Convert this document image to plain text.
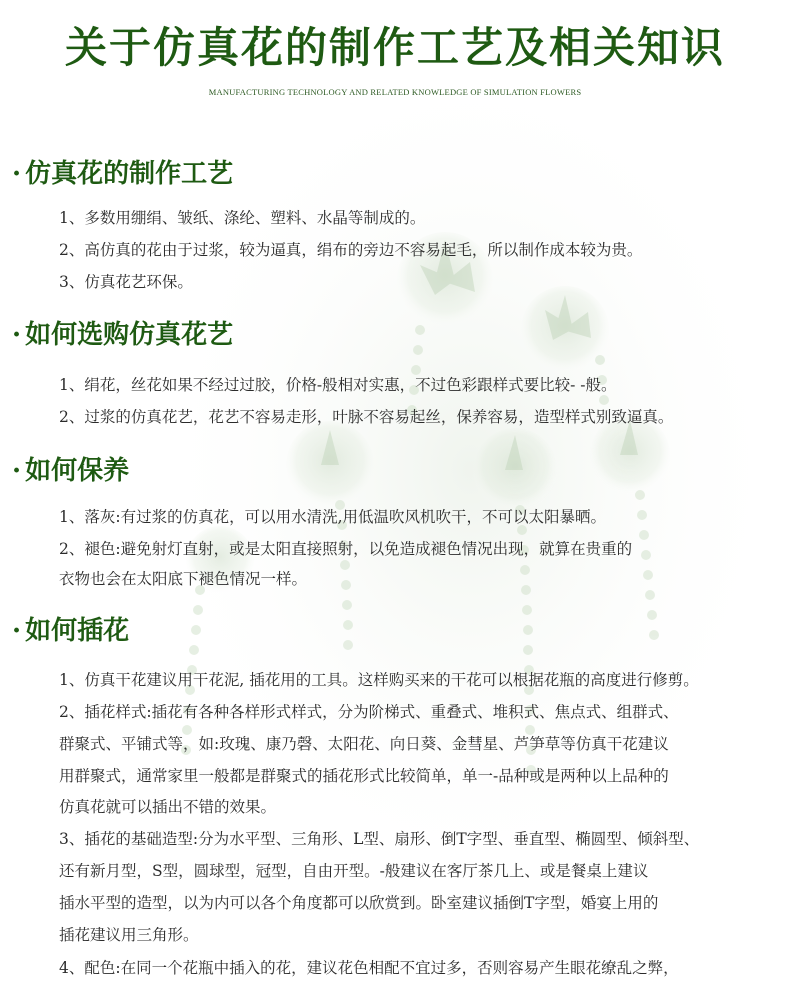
关于仿真花的制作工艺及相关知识
MANUFACTURING TECHNOLOGY AND RELATED KNOWLEDGE OF SIMULATION FLOWERS
· 仿真花的制作工艺
1、多数用绷绢、皱纸、涤纶、塑料、水晶等制成的。
2、高仿真的花由于过浆，较为逼真，绢布的旁边不容易起毛，所以制作成本较为贵。
3、仿真花艺环保。
· 如何选购仿真花艺
1、绢花，丝花如果不经过过胶，价格-般相对实惠，不过色彩跟样式要比较- -般。
2、过浆的仿真花艺，花艺不容易走形，叶脉不容易起丝，保养容易，造型样式别致逼真。
· 如何保养
1、落灰:有过浆的仿真花，可以用水清洗,用低温吹风机吹干，不可以太阳暴晒。
2、褪色:避免射灯直射，或是太阳直接照射，以免造成褪色情况出现，就算在贵重的
衣物也会在太阳底下褪色情况一样。
· 如何插花
1、仿真干花建议用干花泥, 插花用的工具。这样购买来的干花可以根据花瓶的高度进行修剪。
2、插花样式:插花有各种各样形式样式，分为阶梯式、重叠式、堆积式、焦点式、组群式、
群聚式、平铺式等，如:玫瑰、康乃磬、太阳花、向日葵、金彗星、芦笋草等仿真干花建议
用群聚式，通常家里一般都是群聚式的插花形式比较简单，单一-品种或是两种以上品种的
仿真花就可以插出不错的效果。
3、插花的基础造型:分为水平型、三角形、L型、扇形、倒T字型、垂直型、椭圆型、倾斜型、
还有新月型，S型，圆球型，冠型，自由开型。-般建议在客厅茶几上、或是餐桌上建议
插水平型的造型，以为内可以各个角度都可以欣赏到。卧室建议插倒T字型，婚宴上用的
插花建议用三角形。
4、配色:在同一个花瓶中插入的花，建议花色相配不宜过多，否则容易产生眼花缭乱之弊，
